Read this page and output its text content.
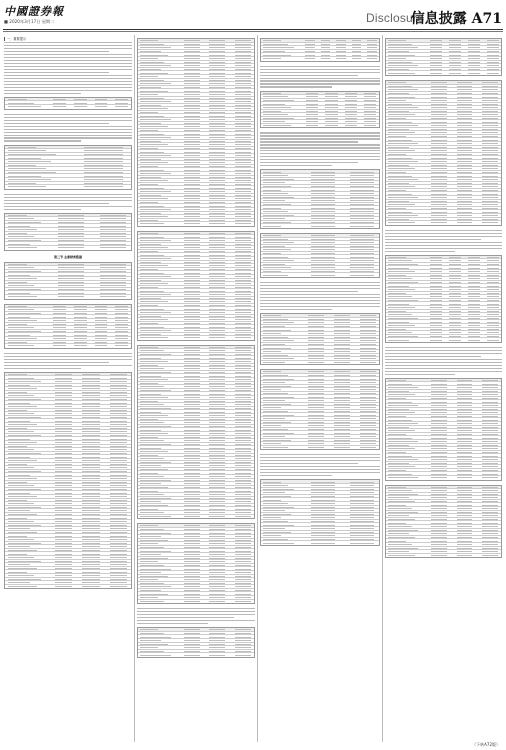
中國證券報
■ 2020年3月17日 星期二	Disclosure
信息披露 A71
一、重要提示
第三节 主要财务数据
（下转A72版）
